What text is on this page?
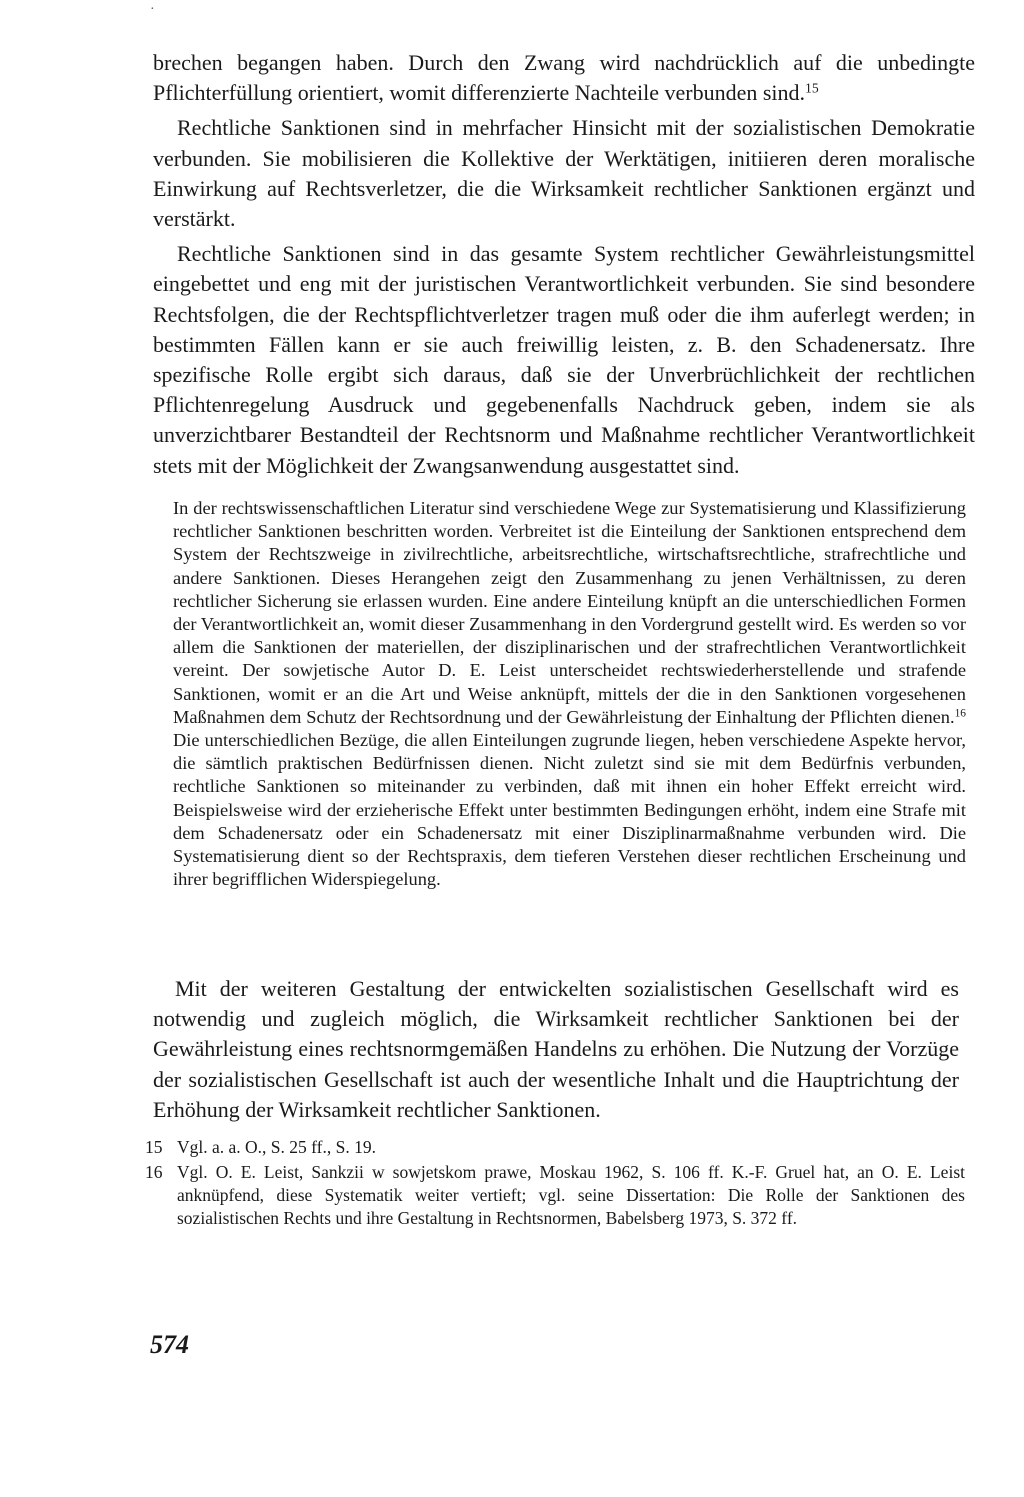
·

brechen begangen haben. Durch den Zwang wird nachdrücklich auf die unbedingte Pflichterfüllung orientiert, womit differenzierte Nachteile verbunden sind.$^{15}$

Rechtliche Sanktionen sind in mehrfacher Hinsicht mit der sozialistischen Demokratie verbunden. Sie mobilisieren die Kollektive der Werktätigen, initiieren deren moralische Einwirkung auf Rechtsverletzer, die die Wirksamkeit rechtlicher Sanktionen ergänzt und verstärkt.

Rechtliche Sanktionen sind in das gesamte System rechtlicher Gewährleistungsmittel eingebettet und eng mit der juristischen Verantwortlichkeit verbunden. Sie sind besondere Rechtsfolgen, die der Rechtspflichtverletzer tragen muß oder die ihm auferlegt werden; in bestimmten Fällen kann er sie auch freiwillig leisten, z. B. den Schadenersatz. Ihre spezifische Rolle ergibt sich daraus, daß sie der Unverbrüchlichkeit der rechtlichen Pflichtenregelung Ausdruck und gegebenenfalls Nachdruck geben, indem sie als unverzichtbarer Bestandteil der Rechtsnorm und Maßnahme rechtlicher Verantwortlichkeit stets mit der Möglichkeit der Zwangsanwendung ausgestattet sind.

In der rechtswissenschaftlichen Literatur sind verschiedene Wege zur Systematisierung und Klassifizierung rechtlicher Sanktionen beschritten worden. Verbreitet ist die Einteilung der Sanktionen entsprechend dem System der Rechtszweige in zivilrechtliche, arbeitsrechtliche, wirtschaftsrechtliche, strafrechtliche und andere Sanktionen. Dieses Herangehen zeigt den Zusammenhang zu jenen Verhältnissen, zu deren rechtlicher Sicherung sie erlassen wurden. Eine andere Einteilung knüpft an die unterschiedlichen Formen der Verantwortlichkeit an, womit dieser Zusammenhang in den Vordergrund gestellt wird. Es werden so vor allem die Sanktionen der materiellen, der disziplinarischen und der strafrechtlichen Verantwortlichkeit vereint. Der sowjetische Autor D. E. Leist unterscheidet rechtswiederherstellende und strafende Sanktionen, womit er an die Art und Weise anknüpft, mittels der die in den Sanktionen vorgesehenen Maßnahmen dem Schutz der Rechtsordnung und der Gewährleistung der Einhaltung der Pflichten dienen.$^{16}$ Die unterschiedlichen Bezüge, die allen Einteilungen zugrunde liegen, heben verschiedene Aspekte hervor, die sämtlich praktischen Bedürfnissen dienen. Nicht zuletzt sind sie mit dem Bedürfnis verbunden, rechtliche Sanktionen so miteinander zu verbinden, daß mit ihnen ein hoher Effekt erreicht wird. Beispielsweise wird der erzieherische Effekt unter bestimmten Bedingungen erhöht, indem eine Strafe mit dem Schadenersatz oder ein Schadenersatz mit einer Disziplinarmaßnahme verbunden wird. Die Systematisierung dient so der Rechtspraxis, dem tieferen Verstehen dieser rechtlichen Erscheinung und ihrer begrifflichen Widerspiegelung.

Mit der weiteren Gestaltung der entwickelten sozialistischen Gesellschaft wird es notwendig und zugleich möglich, die Wirksamkeit rechtlicher Sanktionen bei der Gewährleistung eines rechtsnormgemäßen Handelns zu erhöhen. Die Nutzung der Vorzüge der sozialistischen Gesellschaft ist auch der wesentliche Inhalt und die Hauptrichtung der Erhöhung der Wirksamkeit rechtlicher Sanktionen.

15 Vgl. a. a. O., S. 25 ff., S. 19.
16 Vgl. O. E. Leist, Sankzii w sowjetskom prawe, Moskau 1962, S. 106 ff. K.-F. Gruel hat, an O. E. Leist anknüpfend, diese Systematik weiter vertieft; vgl. seine Dissertation: Die Rolle der Sanktionen des sozialistischen Rechts und ihre Gestaltung in Rechtsnormen, Babelsberg 1973, S. 372 ff.
574
